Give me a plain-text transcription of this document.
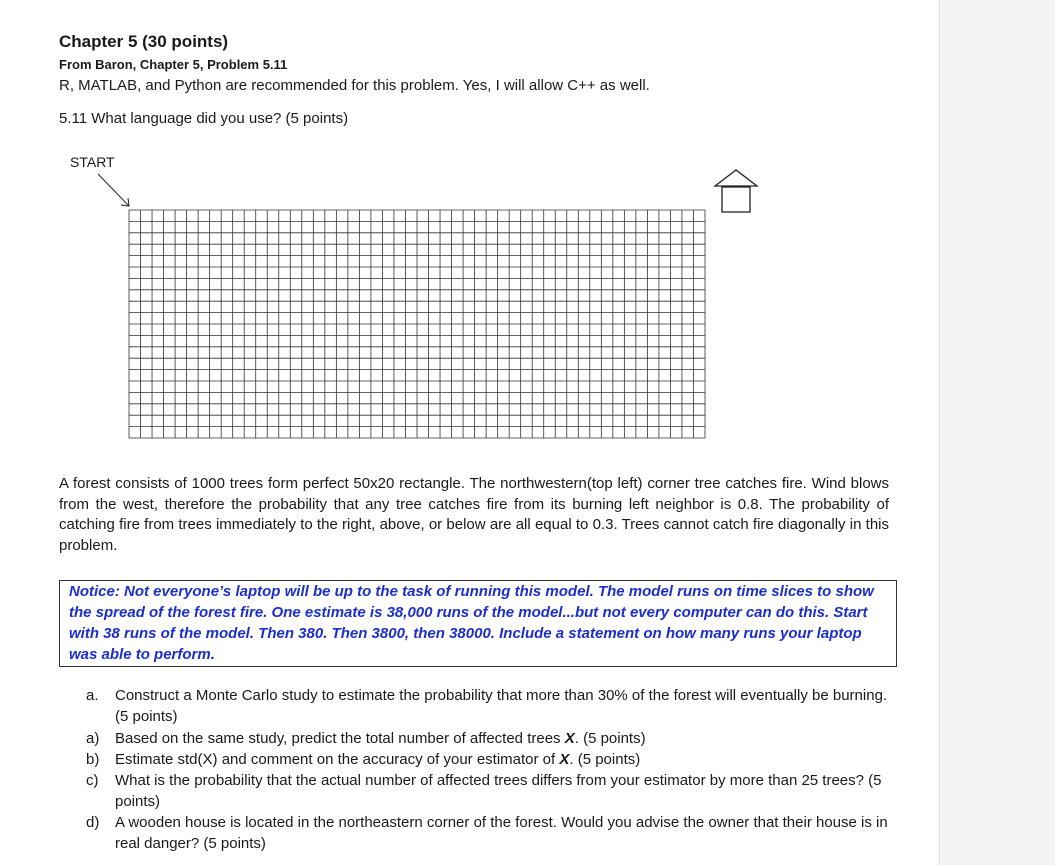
Chapter 5 (30 points)
From Baron, Chapter 5, Problem 5.11
R, MATLAB, and Python are recommended for this problem. Yes, I will allow C++ as well.
5.11 What language did you use? (5 points)
START
A forest consists of 1000 trees form perfect 50x20 rectangle. The northwestern(top left) corner tree catches fire. Wind blows from the west, therefore the probability that any tree catches fire from its burning left neighbor is 0.8. The probability of catching fire from trees immediately to the right, above, or below are all equal to 0.3. Trees cannot catch fire diagonally in this problem.
Notice: Not everyone’s laptop will be up to the task of running this model. The model runs on time slices to show the spread of the forest fire. One estimate is 38,000 runs of the model...but not every computer can do this. Start with 38 runs of the model. Then 380. Then 3800, then 38000. Include a statement on how many runs your laptop was able to perform.
a.	Construct a Monte Carlo study to estimate the probability that more than 30% of the forest will eventually be burning. (5 points)
a)	Based on the same study, predict the total number of affected trees X. (5 points)
b)	Estimate std(X) and comment on the accuracy of your estimator of X. (5 points)
c)	What is the probability that the actual number of affected trees differs from your estimator by more than 25 trees? (5 points)
d)	A wooden house is located in the northeastern corner of the forest. Would you advise the owner that their house is in real danger? (5 points)
